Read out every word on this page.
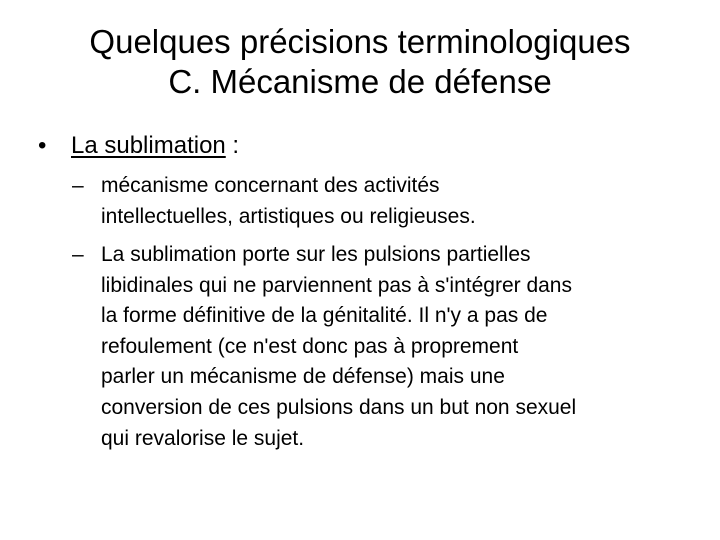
Quelques précisions terminologiques
C. Mécanisme de défense
• La sublimation :
– mécanisme concernant des activités
intellectuelles, artistiques ou religieuses.
– La sublimation porte sur les pulsions partielles
libidinales qui ne parviennent pas à s'intégrer dans
la forme définitive de la génitalité. Il n'y a pas de
refoulement (ce n'est donc pas à proprement
parler un mécanisme de défense) mais une
conversion de ces pulsions dans un but non sexuel
qui revalorise le sujet.
